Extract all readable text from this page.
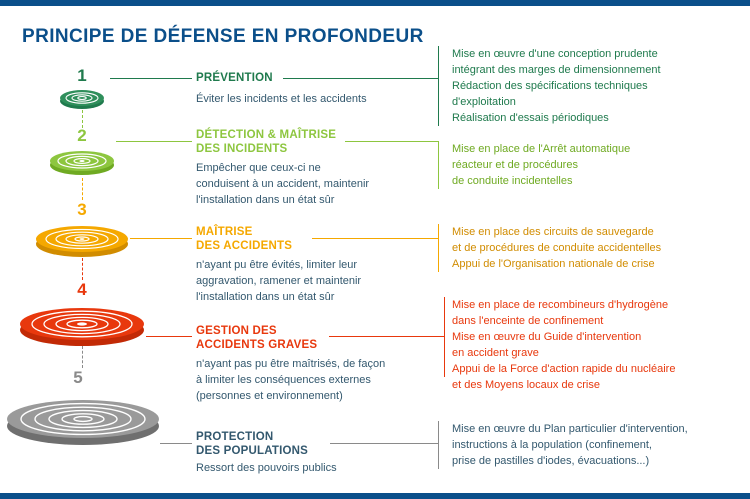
PRINCIPE DE DÉFENSE EN PROFONDEUR
1	PRÉVENTION
Éviter les incidents et les accidents
Mise en œuvre d'une conception prudente
intégrant des marges de dimensionnement
Rédaction des spécifications techniques
d'exploitation
Réalisation d'essais périodiques
2	DÉTECTION & MAÎTRISE
DES INCIDENTS
Empêcher que ceux-ci ne
conduisent à un accident, maintenir
l'installation dans un état sûr
Mise en place de l'Arrêt automatique
réacteur et de procédures
de conduite incidentelles
3
MAÎTRISE
DES ACCIDENTS
n'ayant pu être évités, limiter leur
aggravation, ramener et maintenir
l'installation dans un état sûr
Mise en place des circuits de sauvegarde
et de procédures de conduite accidentelles
Appui de l'Organisation nationale de crise
4
GESTION DES
ACCIDENTS GRAVES
n'ayant pas pu être maîtrisés, de façon
à limiter les conséquences externes
(personnes et environnement)
Mise en place de recombineurs d'hydrogène
dans l'enceinte de confinement
Mise en œuvre du Guide d'intervention
en accident grave
Appui de la Force d'action rapide du nucléaire
et des Moyens locaux de crise
5
PROTECTION
DES POPULATIONS
Ressort des pouvoirs publics
Mise en œuvre du Plan particulier d'intervention,
instructions à la population (confinement,
prise de pastilles d'iodes, évacuations...)
